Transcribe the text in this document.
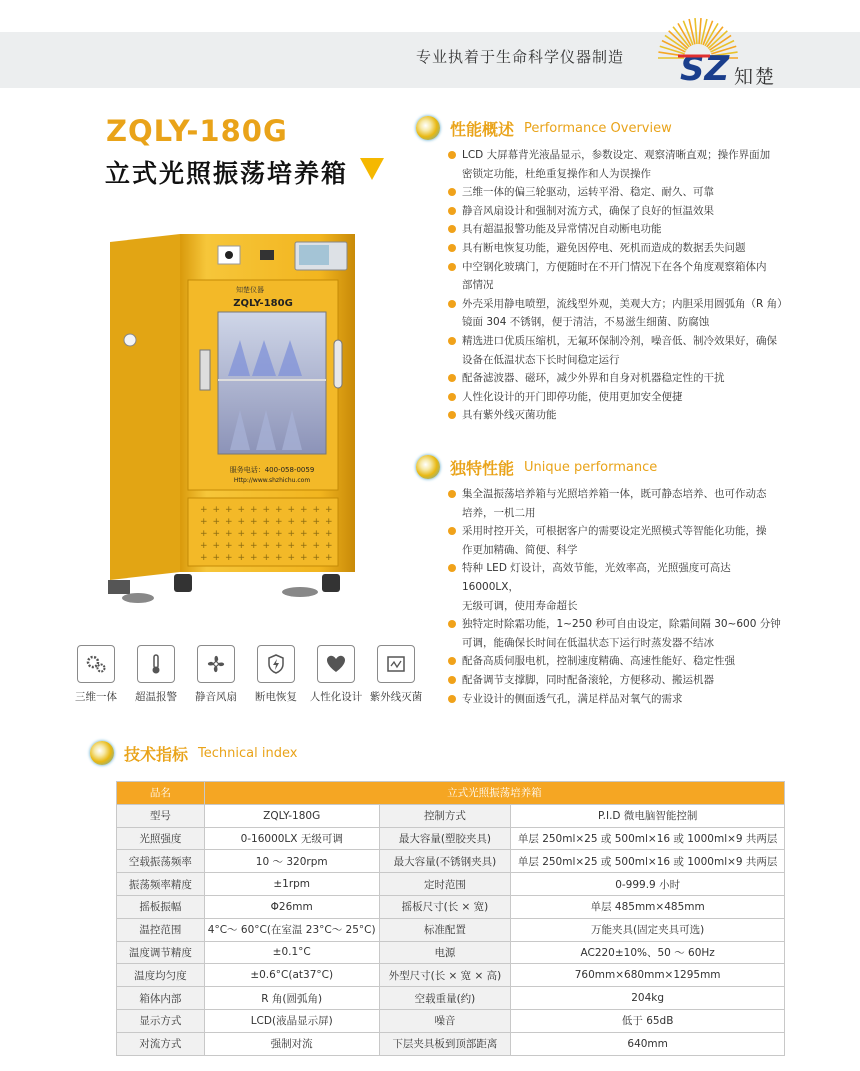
专业执着于生命科学仪器制造 SZ 知楚
ZQLY-180G
立式光照振荡培养箱
知楚仪器
ZQLY-180G
服务电话：400-058-0059
Http://www.shzhichu.com
+ + + + + + + + + + +
+ + + + + + + + + + +
+ + + + + + + + + + +
+ + + + + + + + + + +
+ + + + + + + + + + +
三维一体	超温报警	静音风扇	断电恢复	人性化设计 紫外线灭菌
性能概述 Performance Overview
LCD 大屏幕背光液晶显示，参数设定、观察清晰直观；操作界面加
密锁定功能，杜绝重复操作和人为误操作
三维一体的偏三轮驱动，运转平滑、稳定、耐久、可靠
静音风扇设计和强制对流方式，确保了良好的恒温效果
具有超温报警功能及异常情况自动断电功能
具有断电恢复功能，避免因停电、死机而造成的数据丢失问题
中空钢化玻璃门，方便随时在不开门情况下在各个角度观察箱体内
部情况
外壳采用静电喷塑，流线型外观，美观大方；内胆采用圆弧角（R 角）
镜面 304 不锈钢，便于清洁，不易滋生细菌、防腐蚀
精选进口优质压缩机，无氟环保制冷剂，噪音低、制冷效果好，确保
设备在低温状态下长时间稳定运行
配备滤波器、磁环，减少外界和自身对机器稳定性的干扰
人性化设计的开门即停功能，使用更加安全便捷
具有紫外线灭菌功能
独特性能 Unique performance
集全温振荡培养箱与光照培养箱一体，既可静态培养、也可作动态
培养，一机二用
采用时控开关，可根据客户的需要设定光照模式等智能化功能，操
作更加精确、简便、科学
特种 LED 灯设计，高效节能，光效率高，光照强度可高达 16000LX，
无级可调，使用寿命超长
独特定时除霜功能，1~250 秒可自由设定，除霜间隔 30~600 分钟
可调，能确保长时间在低温状态下运行时蒸发器不结冰
配备高质伺服电机，控制速度精确、高速性能好、稳定性强
配备调节支撑脚，同时配备滚轮，方便移动、搬运机器
专业设计的侧面透气孔，满足样品对氧气的需求
技术指标 Technical index
品名	立式光照振荡培养箱		
型号	ZQLY-180G	控制方式	P.I.D 微电脑智能控制
光照强度	0-16000LX 无级可调	最大容量(塑胶夹具)	单层 250ml×25 或 500ml×16 或 1000ml×9 共两层
空载振荡频率	10 ～ 320rpm	最大容量(不锈钢夹具)	单层 250ml×25 或 500ml×16 或 1000ml×9 共两层
振荡频率精度	±1rpm	定时范围	0-999.9 小时
摇板振幅	Φ26mm	摇板尺寸(长 × 宽)	单层 485mm×485mm
温控范围	4°C～ 60°C(在室温 23°C～ 25°C)	标准配置	万能夹具(固定夹具可选)
温度调节精度	±0.1°C	电源	AC220±10%、50 ～ 60Hz
温度均匀度	±0.6°C(at37°C)	外型尺寸(长 × 宽 × 高)	760mm×680mm×1295mm
箱体内部	R 角(圆弧角)	空载重量(约)	204kg
显示方式	LCD(液晶显示屏)	噪音	低于 65dB
对流方式	强制对流	下层夹具板到顶部距离	640mm
